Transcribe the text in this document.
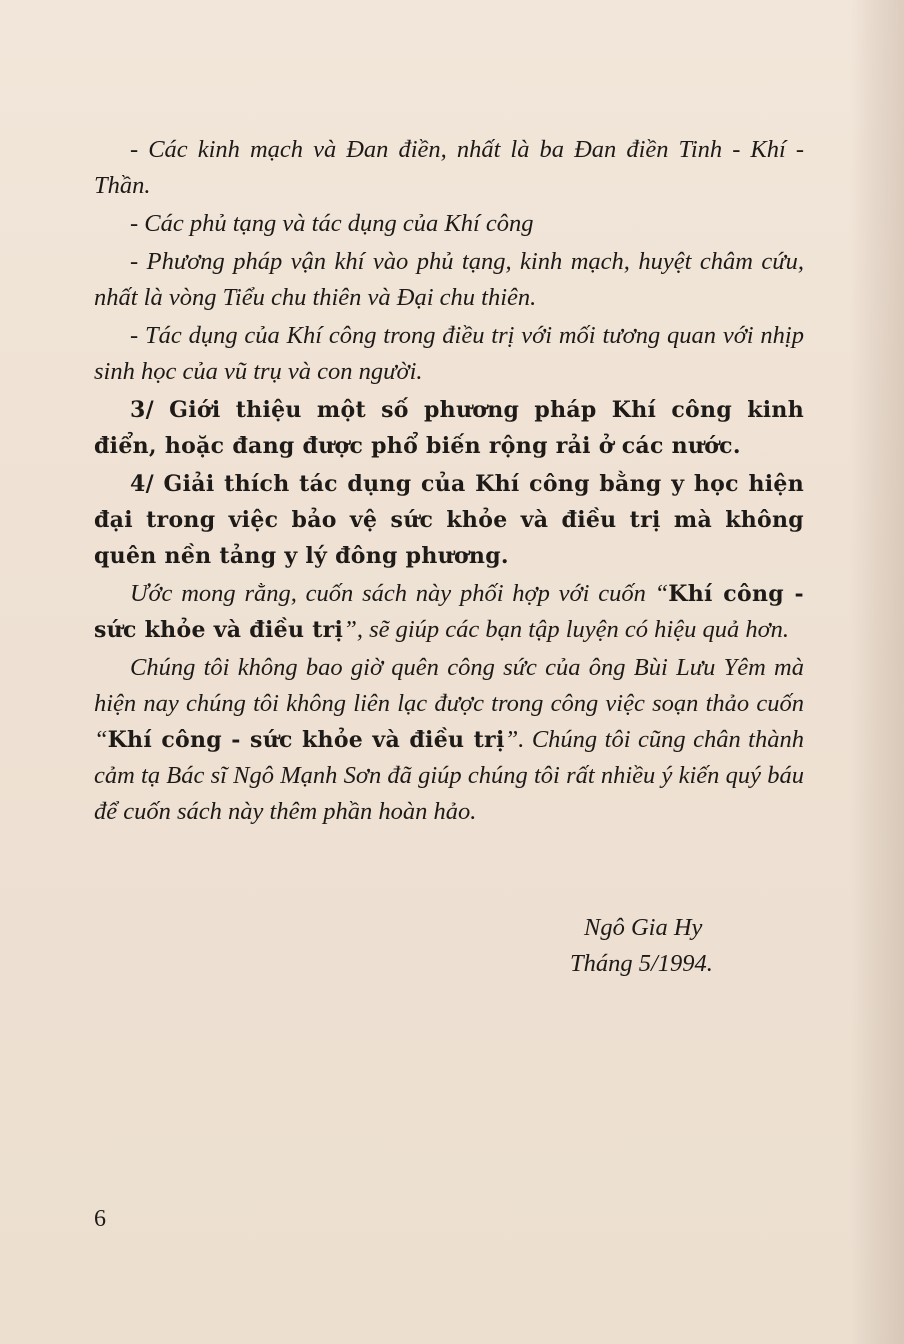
- Các kinh mạch và Đan điền, nhất là ba Đan điền Tinh - Khí - Thần.

- Các phủ tạng và tác dụng của Khí công

- Phương pháp vận khí vào phủ tạng, kinh mạch, huyệt châm cứu, nhất là vòng Tiểu chu thiên và Đại chu thiên.

- Tác dụng của Khí công trong điều trị với mối tương quan với nhịp sinh học của vũ trụ và con người.

3/ Giới thiệu một số phương pháp Khí công kinh điển, hoặc đang được phổ biến rộng rải ở các nước.

4/ Giải thích tác dụng của Khí công bằng y học hiện đại trong việc bảo vệ sức khỏe và điều trị mà không quên nền tảng y lý đông phương.

Ước mong rằng, cuốn sách này phối hợp với cuốn “Khí công - sức khỏe và điều trị”, sẽ giúp các bạn tập luyện có hiệu quả hơn.

Chúng tôi không bao giờ quên công sức của ông Bùi Lưu Yêm mà hiện nay chúng tôi không liên lạc được trong công việc soạn thảo cuốn “Khí công - sức khỏe và điều trị”. Chúng tôi cũng chân thành cảm tạ Bác sĩ Ngô Mạnh Sơn đã giúp chúng tôi rất nhiều ý kiến quý báu để cuốn sách này thêm phần hoàn hảo.

Ngô Gia Hy
Tháng 5/1994.
6
